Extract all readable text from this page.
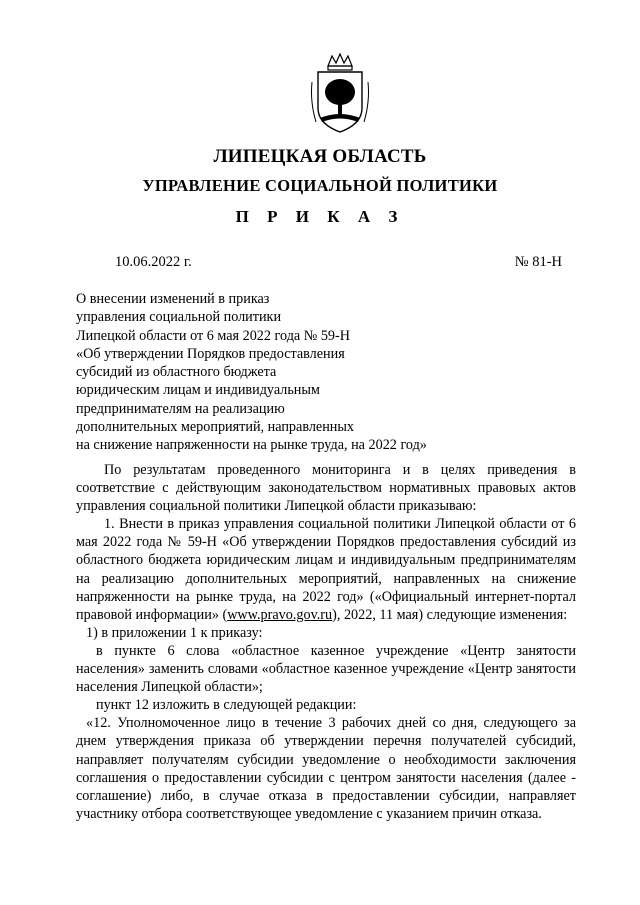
ЛИПЕЦКАЯ ОБЛАСТЬ
УПРАВЛЕНИЕ СОЦИАЛЬНОЙ ПОЛИТИКИ
П Р И К А З
10.06.2022 г.	№ 81-Н
О внесении изменений в приказ
управления социальной политики
Липецкой области от 6 мая 2022 года № 59-Н
«Об утверждении Порядков предоставления
субсидий из областного бюджета
юридическим лицам и индивидуальным
предпринимателям на реализацию
дополнительных мероприятий, направленных
на снижение напряженности на рынке труда, на 2022 год»

По результатам проведенного мониторинга и в целях приведения в соответствие с действующим законодательством нормативных правовых актов управления социальной политики Липецкой области приказываю:

1. Внести в приказ управления социальной политики Липецкой области от 6 мая 2022 года № 59-Н «Об утверждении Порядков предоставления субсидий из областного бюджета юридическим лицам и индивидуальным предпринимателям на реализацию дополнительных мероприятий, направленных на снижение напряженности на рынке труда, на 2022 год» («Официальный интернет-портал правовой информации» (www.pravo.gov.ru), 2022, 11 мая) следующие изменения:

1) в приложении 1 к приказу:

в пункте 6 слова «областное казенное учреждение «Центр занятости населения» заменить словами «областное казенное учреждение «Центр занятости населения Липецкой области»;

пункт 12 изложить в следующей редакции:

«12. Уполномоченное лицо в течение 3 рабочих дней со дня, следующего за днем утверждения приказа об утверждении перечня получателей субсидий, направляет получателям субсидии уведомление о необходимости заключения соглашения о предоставлении субсидии с центром занятости населения (далее - соглашение) либо, в случае отказа в предоставлении субсидии, направляет участнику отбора соответствующее уведомление с указанием причин отказа.
